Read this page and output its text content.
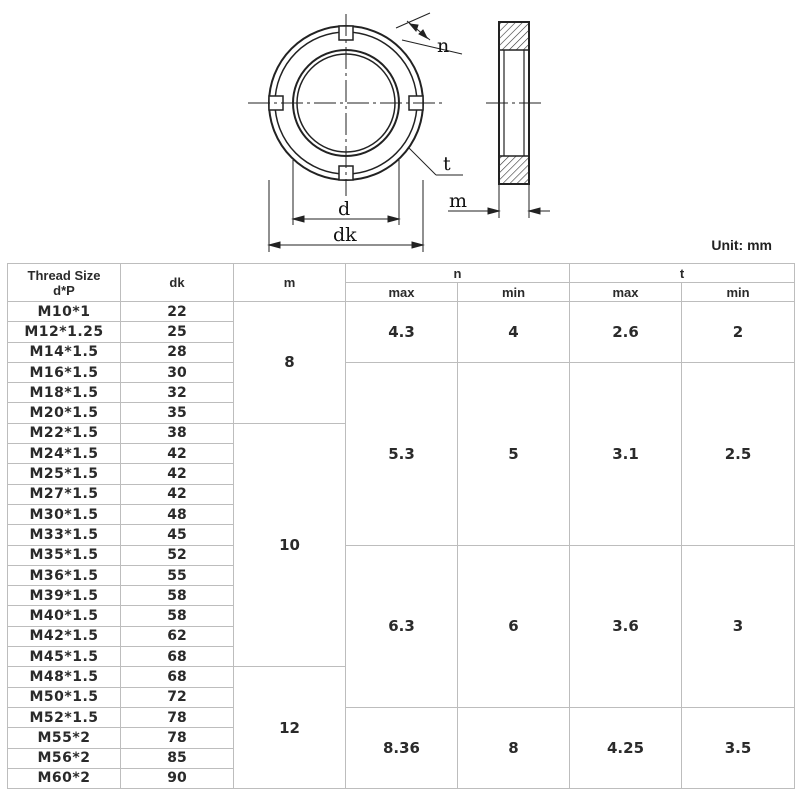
n
t
m
d
dk	Unit: mm
Thread Size
d*P	dk	m	n		t	
			max	min	max	min
M10*1	22	8	4.3	4	2.6	2
M12*1.25	25					
M14*1.5	28					
M16*1.5	30		5.3	5	3.1	2.5
M18*1.5	32					
M20*1.5	35					
M22*1.5	38	10				
M24*1.5	42					
M25*1.5	42					
M27*1.5	42					
M30*1.5	48					
M33*1.5	45					
M35*1.5	52		6.3	6	3.6	3
M36*1.5	55					
M39*1.5	58					
M40*1.5	58					
M42*1.5	62					
M45*1.5	68					
M48*1.5	68	12				
M50*1.5	72					
M52*1.5	78		8.36	8	4.25	3.5
M55*2	78					
M56*2	85					
M60*2	90					
